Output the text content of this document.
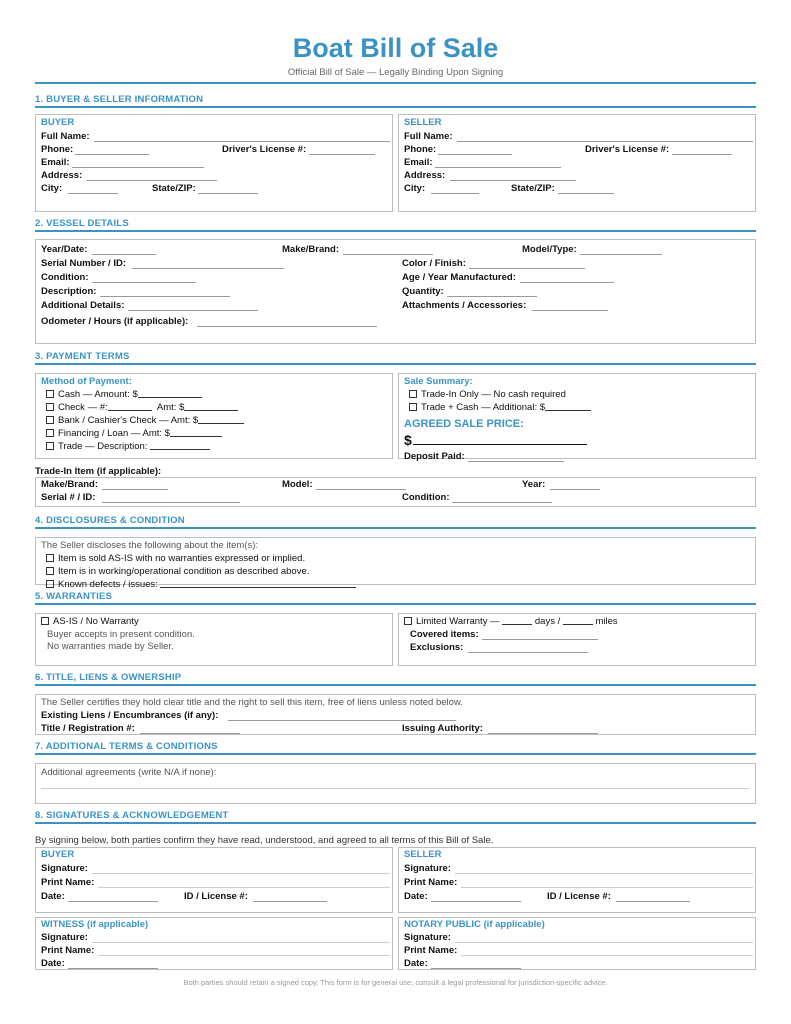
Boat Bill of Sale
Official Bill of Sale — Legally Binding Upon Signing
1. BUYER & SELLER INFORMATION
BUYER
Full Name:
Phone:	Driver's License #:
Email:
Address:
City:	State/ZIP:
SELLER
Full Name:
Phone:	Driver's License #:
Email:
Address:
City:	State/ZIP:
2. VESSEL DETAILS
Year/Date:	Make/Brand:	Model/Type:
Serial Number / ID:	Color / Finish:
Condition:	Age / Year Manufactured:
Description:	Quantity:
Additional Details:	Attachments / Accessories:
Odometer / Hours (if applicable):
3. PAYMENT TERMS
Method of Payment:
Cash — Amount: $
Check — #:	Amt: $
Bank / Cashier's Check — Amt: $
Financing / Loan — Amt: $
Trade — Description:
Sale Summary:
Trade-In Only — No cash required
Trade + Cash — Additional: $
AGREED SALE PRICE:
$
Deposit Paid:
Trade-In Item (if applicable):
Make/Brand:	Model:	Year:
Serial # / ID:	Condition:
4. DISCLOSURES & CONDITION
The Seller discloses the following about the item(s):
Item is sold AS-IS with no warranties expressed or implied.
Item is in working/operational condition as described above.
Known defects / issues:
5. WARRANTIES
AS-IS / No Warranty
Buyer accepts in present condition.
No warranties made by Seller.
Limited Warranty —	days /	miles
Covered items:
Exclusions:
6. TITLE, LIENS & OWNERSHIP
The Seller certifies they hold clear title and the right to sell this item, free of liens unless noted below.
Existing Liens / Encumbrances (if any):
Title / Registration #:	Issuing Authority:
7. ADDITIONAL TERMS & CONDITIONS
Additional agreements (write N/A if none):
8. SIGNATURES & ACKNOWLEDGEMENT
By signing below, both parties confirm they have read, understood, and agreed to all terms of this Bill of Sale.
BUYER
Signature:
Print Name:
Date:	ID / License #:
SELLER
Signature:
Print Name:
Date:	ID / License #:
WITNESS (if applicable)
Signature:
Print Name:
Date:
NOTARY PUBLIC (if applicable)
Signature:
Print Name:
Date:
Both parties should retain a signed copy. This form is for general use; consult a legal professional for jurisdiction-specific advice.
